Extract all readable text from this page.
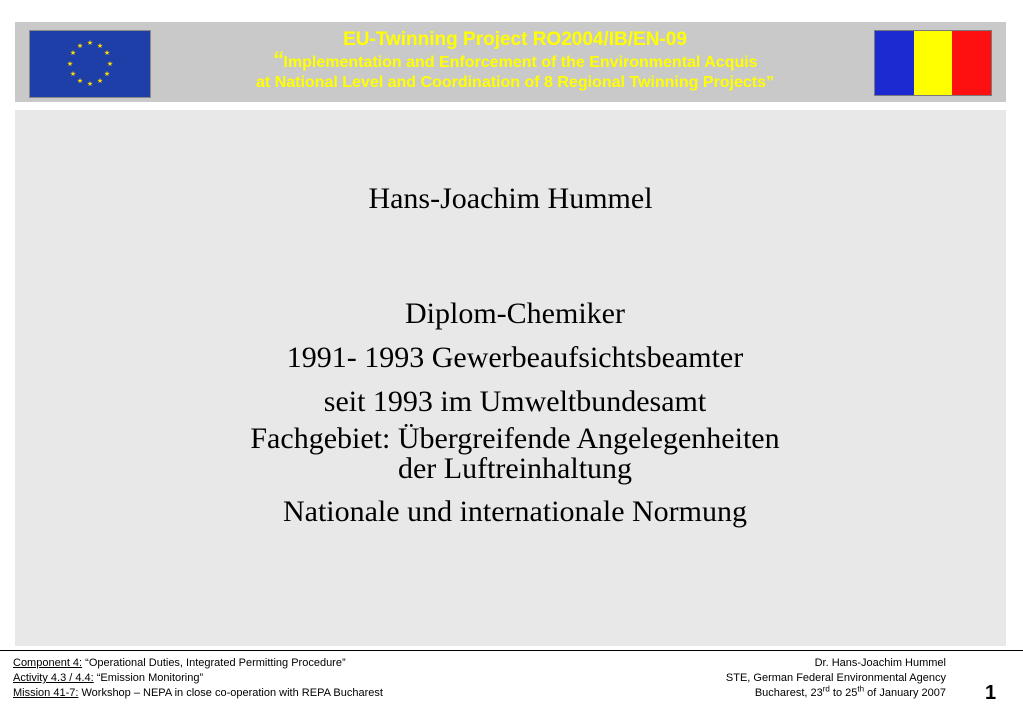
★ ★
★
★
★
★
★
★
★
★
★
★	EU-Twinning Project RO2004/IB/EN-09
“Implementation and Enforcement of the Environmental Acquis
at National Level and Coordination of 8 Regional Twinning Projects”
Hans-Joachim Hummel
Diplom-Chemiker
1991- 1993 Gewerbeaufsichtsbeamter
seit 1993 im Umweltbundesamt
Fachgebiet: Übergreifende Angelegenheiten
der Luftreinhaltung
Nationale und internationale Normung
Component 4: “Operational Duties, Integrated Permitting Procedure”
Activity 4.3 / 4.4: “Emission Monitoring”
Mission 41-7: Workshop – NEPA in close co-operation with REPA Bucharest
Dr. Hans-Joachim Hummel
STE, German Federal Environmental Agency
Bucharest, 23rd to 25th of January 2007 1
